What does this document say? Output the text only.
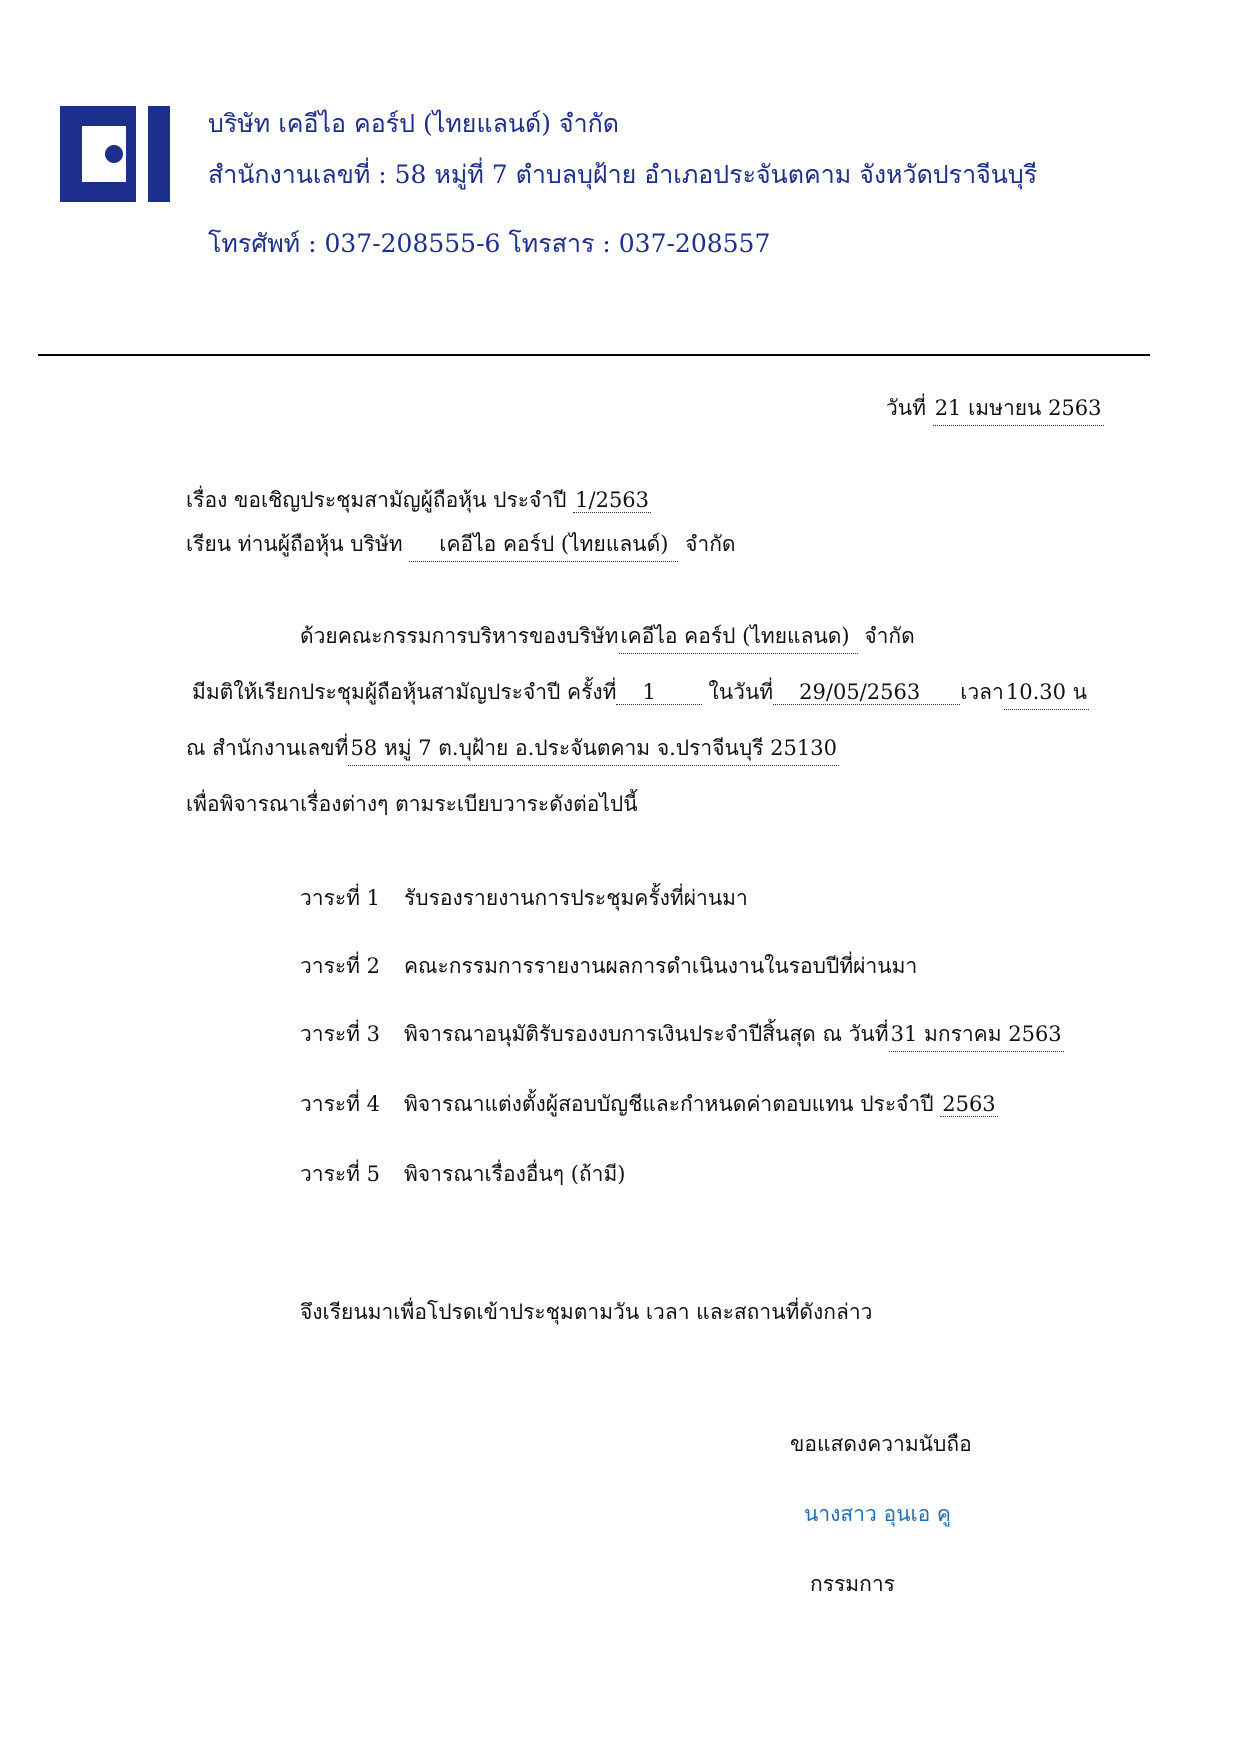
บริษัท เคอีไอ คอร์ป (ไทยแลนด์) จำกัด
สำนักงานเลขที่ : 58 หมู่ที่ 7 ตำบลบุฝ้าย อำเภอประจันตคาม จังหวัดปราจีนบุรี
โทรศัพท์ : 037-208555-6 โทรสาร : 037-208557
วันที่ 21 เมษายน 2563
เรื่อง ขอเชิญประชุมสามัญผู้ถือหุ้น ประจำปี 1/2563
เรียน ท่านผู้ถือหุ้น บริษัท เคอีไอ คอร์ป (ไทยแลนด์) จำกัด
ด้วยคณะกรรมการบริหารของบริษัทเคอีไอ คอร์ป (ไทยแลนด) จำกัด
มีมติให้เรียกประชุมผู้ถือหุ้นสามัญประจำปี ครั้งที่ 1	ในวันที่ 29/05/2563 เวลา10.30 น
ณ สำนักงานเลขที่58 หมู่ 7 ต.บุฝ้าย อ.ประจันตคาม จ.ปราจีนบุรี 25130
เพื่อพิจารณาเรื่องต่างๆ ตามระเบียบวาระดังต่อไปนี้
วาระที่ 1 รับรองรายงานการประชุมครั้งที่ผ่านมา
วาระที่ 2 คณะกรรมการรายงานผลการดำเนินงานในรอบปีที่ผ่านมา
วาระที่ 3 พิจารณาอนุมัติรับรองงบการเงินประจำปีสิ้นสุด ณ วันที่31 มกราคม 2563
วาระที่ 4 พิจารณาแต่งตั้งผู้สอบบัญชีและกำหนดค่าตอบแทน ประจำปี 2563
วาระที่ 5 พิจารณาเรื่องอื่นๆ (ถ้ามี)
จึงเรียนมาเพื่อโปรดเข้าประชุมตามวัน เวลา และสถานที่ดังกล่าว
ขอแสดงความนับถือ
นางสาว อุนเอ คู
กรรมการ
